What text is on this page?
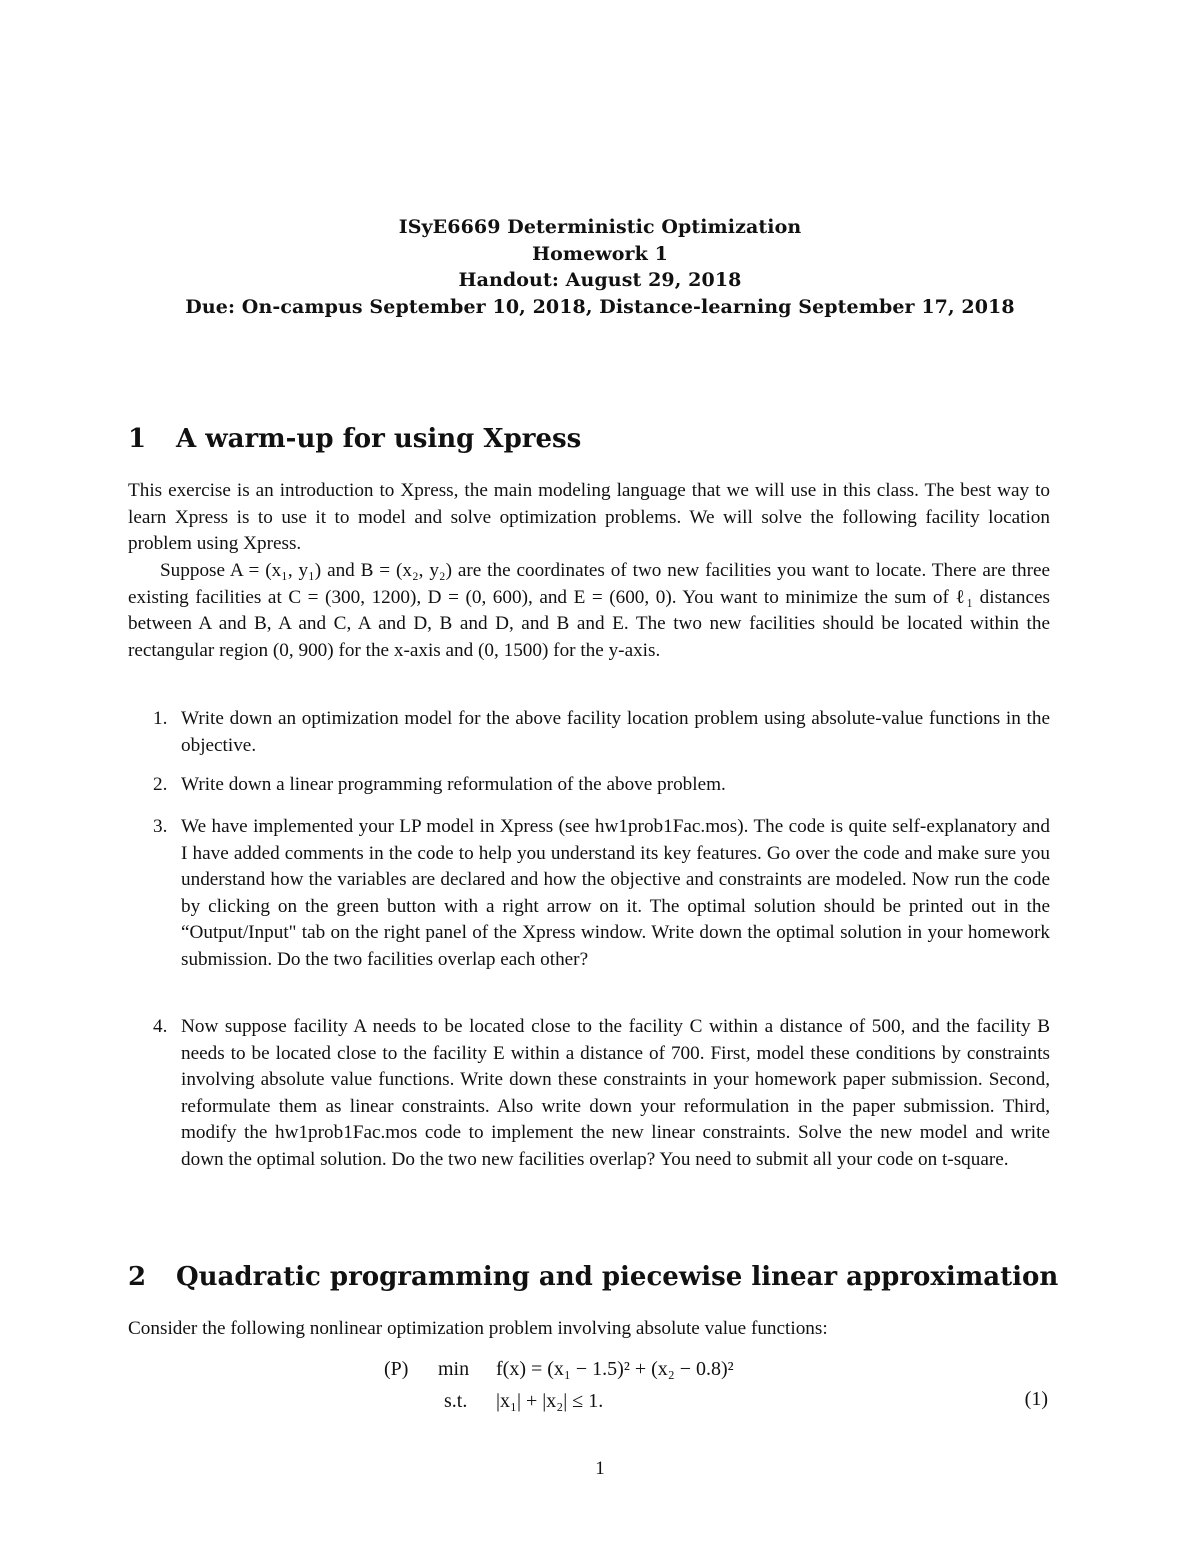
ISyE6669 Deterministic Optimization
Homework 1
Handout: August 29, 2018
Due: On-campus September 10, 2018, Distance-learning September 17, 2018
1 A warm-up for using Xpress
This exercise is an introduction to Xpress, the main modeling language that we will use in this class. The best way to learn Xpress is to use it to model and solve optimization problems. We will solve the following facility location problem using Xpress.
Suppose A = (x₁, y₁) and B = (x₂, y₂) are the coordinates of two new facilities you want to locate. There are three existing facilities at C = (300, 1200), D = (0, 600), and E = (600, 0). You want to minimize the sum of ℓ₁ distances between A and B, A and C, A and D, B and D, and B and E. The two new facilities should be located within the rectangular region (0, 900) for the x-axis and (0, 1500) for the y-axis.
1. Write down an optimization model for the above facility location problem using absolute-value functions in the objective.
2. Write down a linear programming reformulation of the above problem.
3. We have implemented your LP model in Xpress (see hw1prob1Fac.mos). The code is quite self-explanatory and I have added comments in the code to help you understand its key features. Go over the code and make sure you understand how the variables are declared and how the objective and constraints are modeled. Now run the code by clicking on the green button with a right arrow on it. The optimal solution should be printed out in the “Output/Input" tab on the right panel of the Xpress window. Write down the optimal solution in your homework submission. Do the two facilities overlap each other?
4. Now suppose facility A needs to be located close to the facility C within a distance of 500, and the facility B needs to be located close to the facility E within a distance of 700. First, model these conditions by constraints involving absolute value functions. Write down these constraints in your homework paper submission. Second, reformulate them as linear constraints. Also write down your reformulation in the paper submission. Third, modify the hw1prob1Fac.mos code to implement the new linear constraints. Solve the new model and write down the optimal solution. Do the two new facilities overlap? You need to submit all your code on t-square.
2 Quadratic programming and piecewise linear approximation
Consider the following nonlinear optimization problem involving absolute value functions:
(P) min f(x) = (x₁ − 1.5)² + (x₂ − 0.8)²
s.t. |x₁| + |x₂| ≤ 1.	(1)
1
